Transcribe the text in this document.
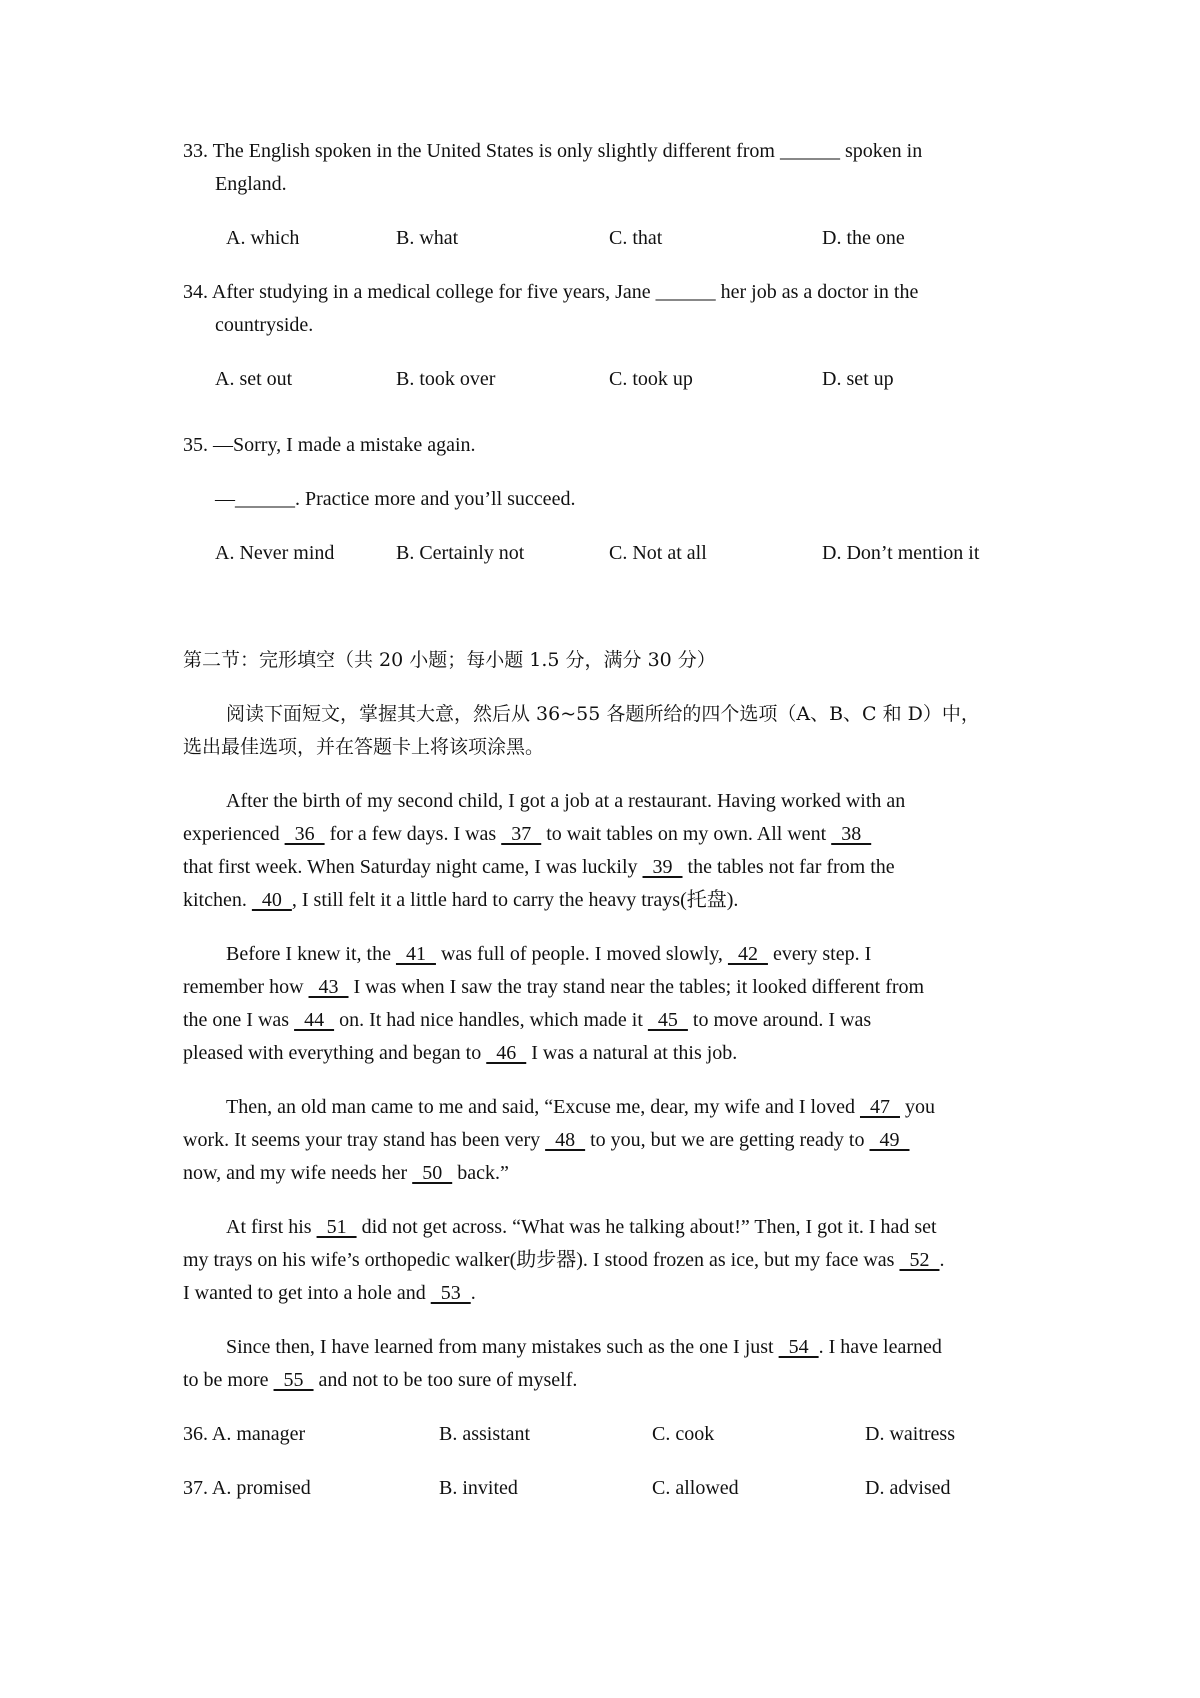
33. The English spoken in the United States is only slightly different from ______ spoken in
England.
A. which	B. what	C. that	D. the one
34. After studying in a medical college for five years, Jane ______ her job as a doctor in the
countryside.
A. set out	B. took over	C. took up	D. set up
35. —Sorry, I made a mistake again.
—______. Practice more and you’ll succeed.
A. Never mind	B. Certainly not	C. Not at all	D. Don’t mention it
第二节：完形填空（共 20 小题；每小题 1.5 分，满分 30 分）
阅读下面短文，掌握其大意，然后从 36~55 各题所给的四个选项（A、B、C 和 D）中，
选出最佳选项，并在答题卡上将该项涂黑。
After the birth of my second child, I got a job at a restaurant. Having worked with an
experienced   36   for a few days. I was   37   to wait tables on my own. All went   38
that first week. When Saturday night came, I was luckily   39   the tables not far from the
kitchen.   40  , I still felt it a little hard to carry the heavy trays(托盘).
Before I knew it, the   41   was full of people. I moved slowly,   42   every step. I
remember how   43   I was when I saw the tray stand near the tables; it looked different from
the one I was   44   on. It had nice handles, which made it   45   to move around. I was
pleased with everything and began to   46   I was a natural at this job.
Then, an old man came to me and said, “Excuse me, dear, my wife and I loved   47   you
work. It seems your tray stand has been very   48   to you, but we are getting ready to   49
now, and my wife needs her   50   back.”
At first his   51   did not get across. “What was he talking about!” Then, I got it. I had set
my trays on his wife’s orthopedic walker(助步器). I stood frozen as ice, but my face was   52  .
I wanted to get into a hole and   53  .
Since then, I have learned from many mistakes such as the one I just   54  . I have learned
to be more   55   and not to be too sure of myself.
36. A. manager	B. assistant	C. cook	D. waitress
37. A. promised	B. invited	C. allowed	D. advised
